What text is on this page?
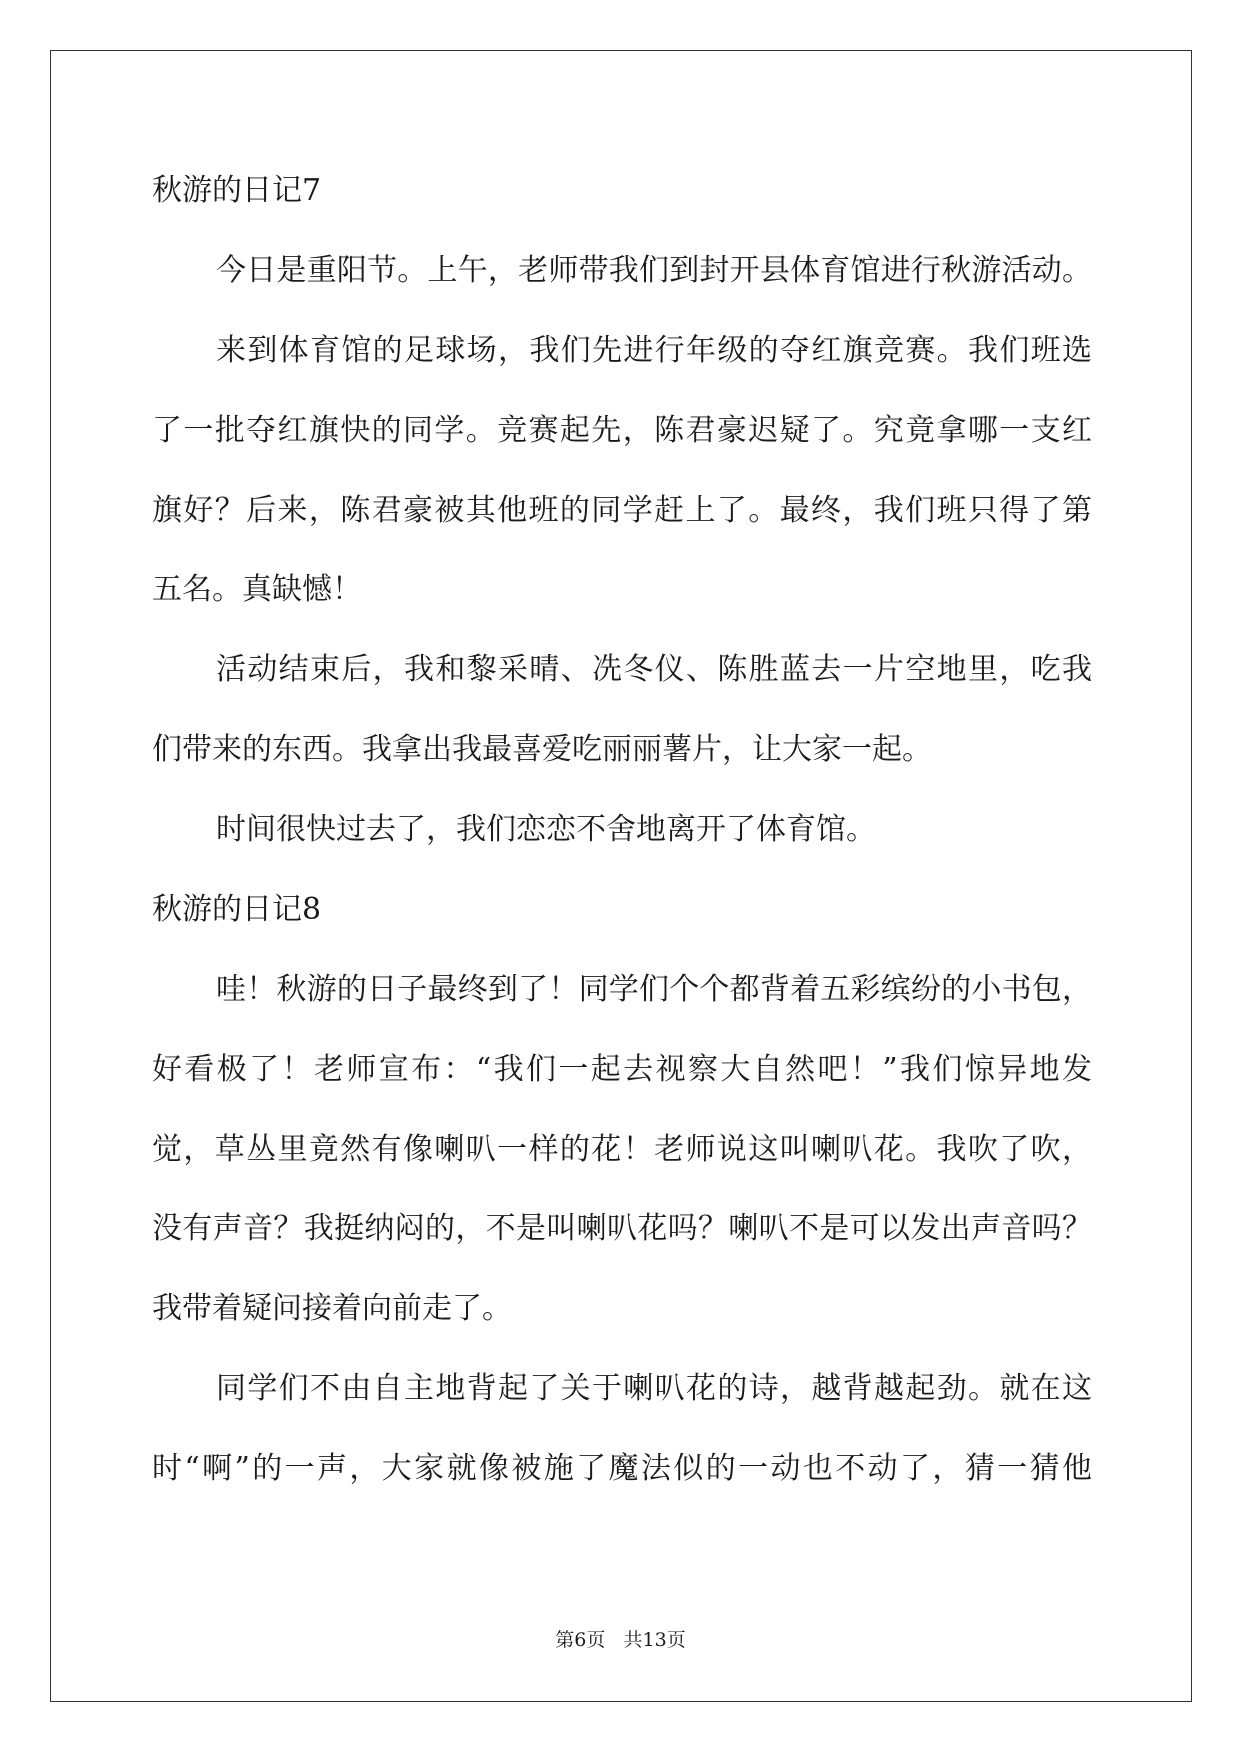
秋游的日记7
今日是重阳节。上午，老师带我们到封开县体育馆进行秋游活动。
来到体育馆的足球场，我们先进行年级的夺红旗竞赛。我们班选
了一批夺红旗快的同学。竞赛起先，陈君豪迟疑了。究竟拿哪一支红
旗好？后来，陈君豪被其他班的同学赶上了。最终，我们班只得了第
五名。真缺憾！
活动结束后，我和黎采晴、冼冬仪、陈胜蓝去一片空地里，吃我
们带来的东西。我拿出我最喜爱吃丽丽薯片，让大家一起。
时间很快过去了，我们恋恋不舍地离开了体育馆。
秋游的日记8
哇！秋游的日子最终到了！同学们个个都背着五彩缤纷的小书包，
好看极了！老师宣布：“我们一起去视察大自然吧！”我们惊异地发
觉，草丛里竟然有像喇叭一样的花！老师说这叫喇叭花。我吹了吹，
没有声音？我挺纳闷的，不是叫喇叭花吗？喇叭不是可以发出声音吗？
我带着疑问接着向前走了。
同学们不由自主地背起了关于喇叭花的诗，越背越起劲。就在这
时“啊”的一声，大家就像被施了魔法似的一动也不动了，猜一猜他
第6页 共13页
